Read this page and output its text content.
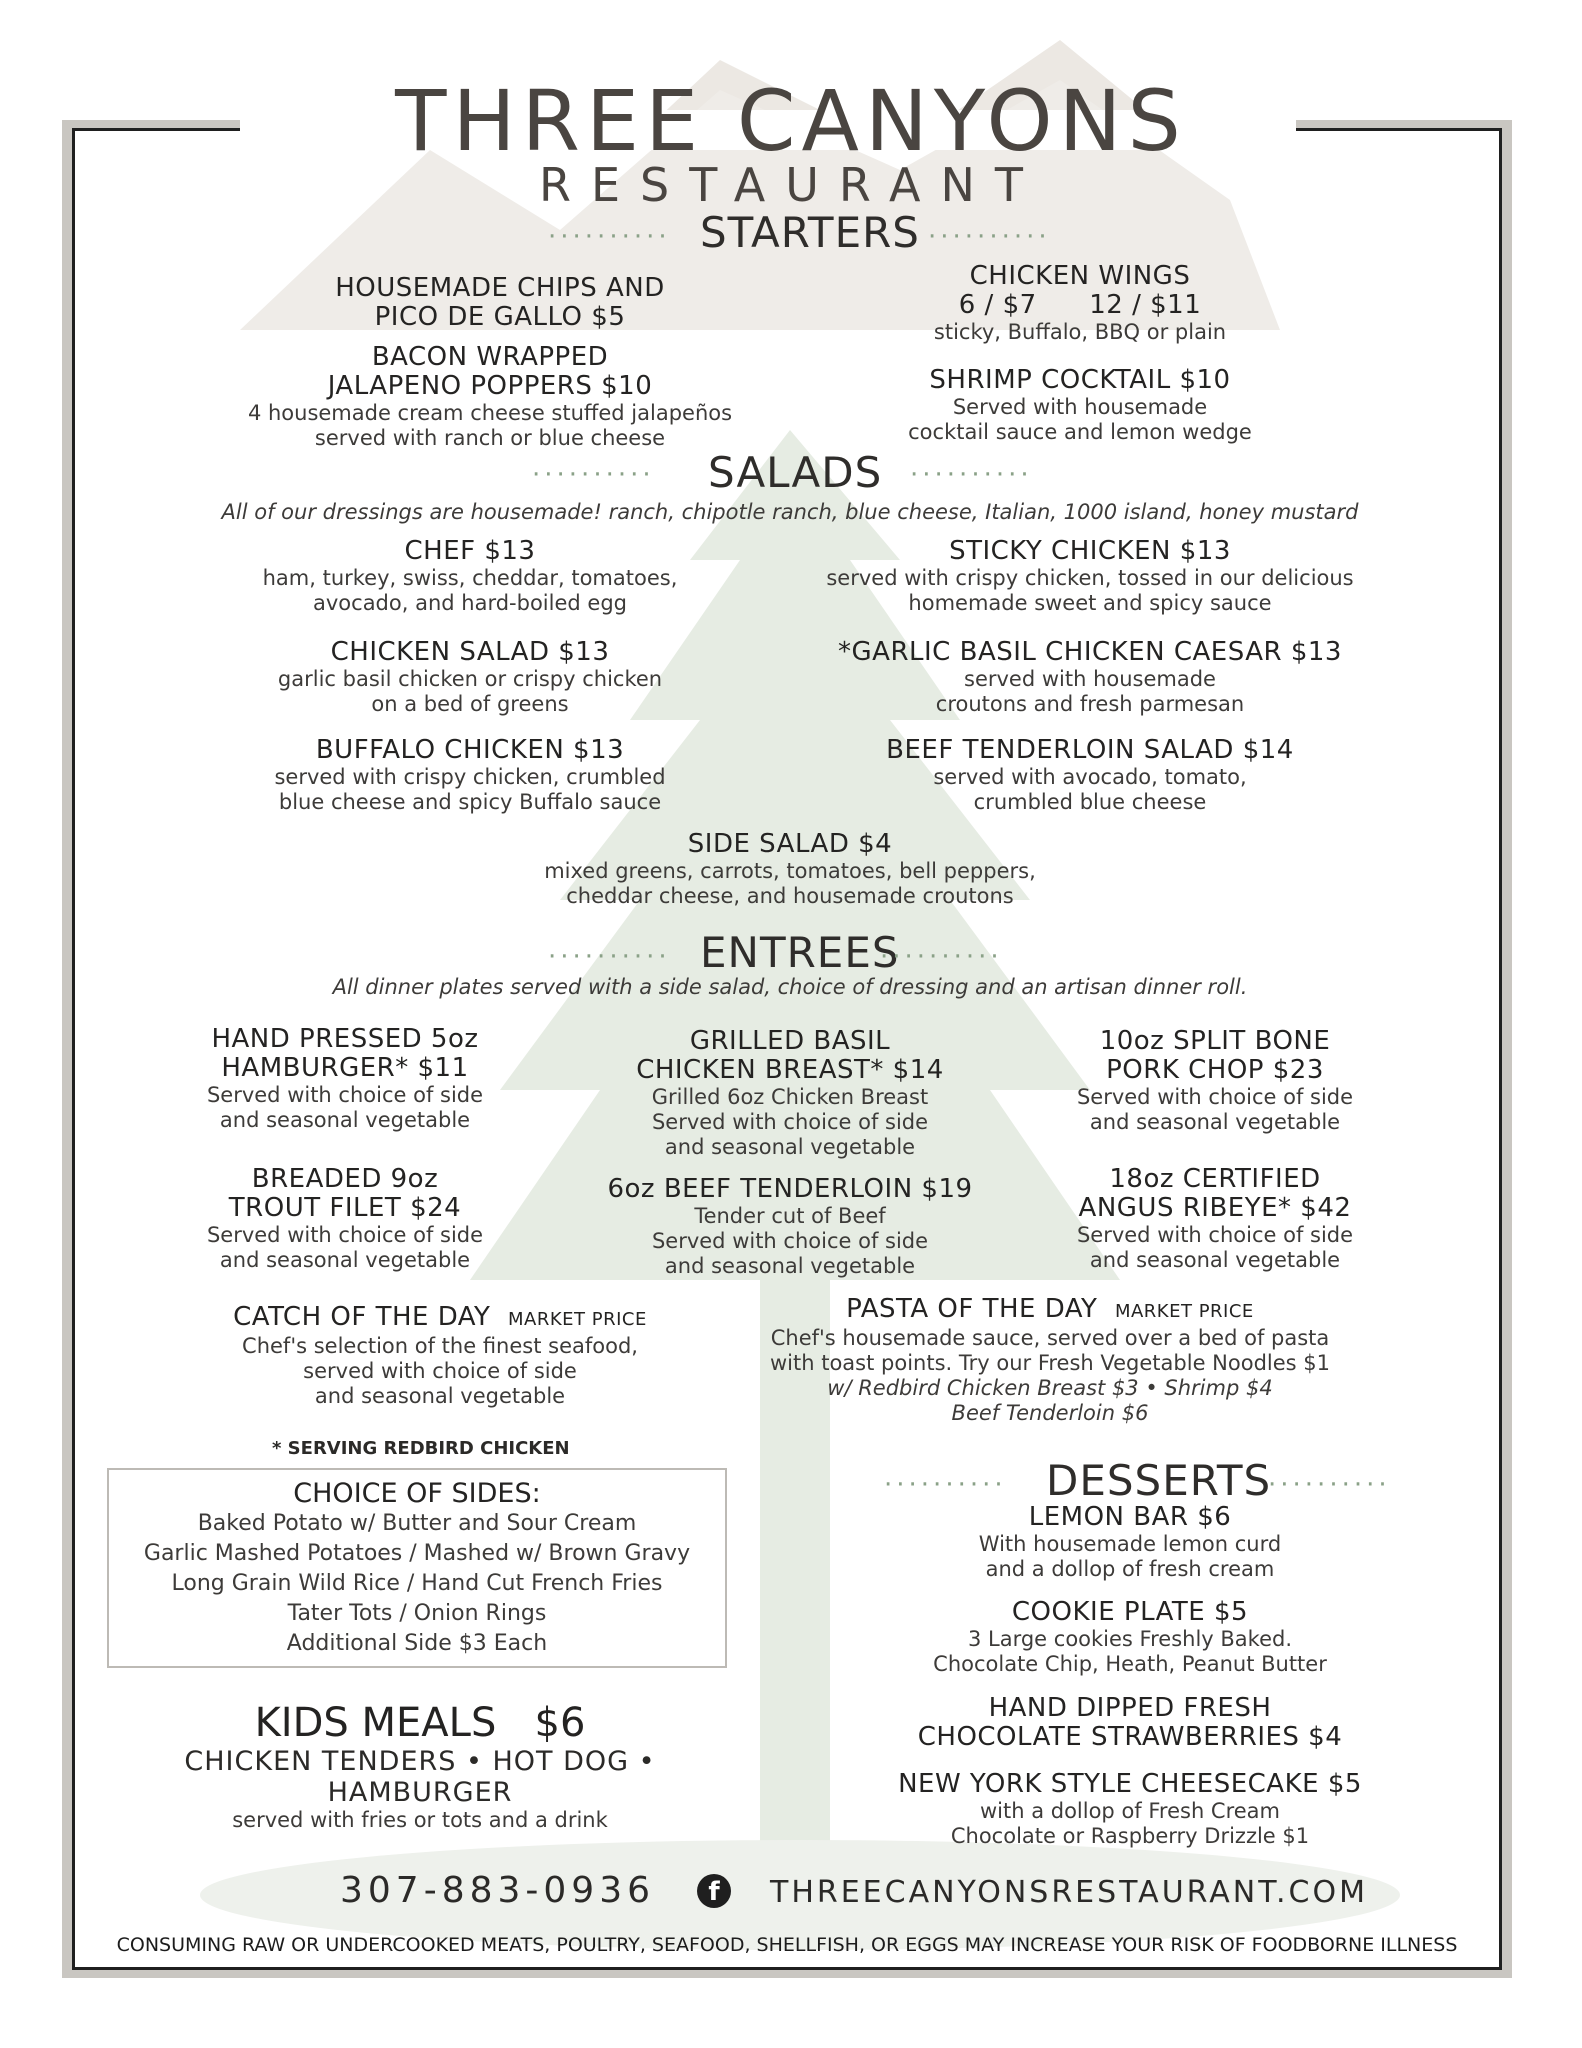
THREE CANYONS
RESTAURANT
·········· STARTERS ··········
HOUSEMADE CHIPS AND
PICO DE GALLO $5
BACON WRAPPED
JALAPENO POPPERS $10
4 housemade cream cheese stuffed jalapeños
served with ranch or blue cheese
CHICKEN WINGS
6 / $7      12 / $11
sticky, Buffalo, BBQ or plain
SHRIMP COCKTAIL $10
Served with housemade
cocktail sauce and lemon wedge
·········· SALADS ··········
All of our dressings are housemade! ranch, chipotle ranch, blue cheese, Italian, 1000 island, honey mustard
CHEF $13
ham, turkey, swiss, cheddar, tomatoes,
avocado, and hard-boiled egg
STICKY CHICKEN $13
served with crispy chicken, tossed in our delicious
homemade sweet and spicy sauce
CHICKEN SALAD $13
garlic basil chicken or crispy chicken
on a bed of greens
*GARLIC BASIL CHICKEN CAESAR $13
served with housemade
croutons and fresh parmesan
BUFFALO CHICKEN $13
served with crispy chicken, crumbled
blue cheese and spicy Buffalo sauce
BEEF TENDERLOIN SALAD $14
served with avocado, tomato,
crumbled blue cheese
SIDE SALAD $4
mixed greens, carrots, tomatoes, bell peppers,
cheddar cheese, and housemade croutons
·········· ENTREES
··········
All dinner plates served with a side salad, choice of dressing and an artisan dinner roll.
HAND PRESSED 5oz
HAMBURGER* $11
Served with choice of side
and seasonal vegetable
GRILLED BASIL
CHICKEN BREAST* $14
Grilled 6oz Chicken Breast
Served with choice of side
and seasonal vegetable
10oz SPLIT BONE
PORK CHOP $23
Served with choice of side
and seasonal vegetable
BREADED 9oz
TROUT FILET $24
Served with choice of side
and seasonal vegetable
6oz BEEF TENDERLOIN $19
Tender cut of Beef
Served with choice of side
and seasonal vegetable
18oz CERTIFIED
ANGUS RIBEYE* $42
Served with choice of side
and seasonal vegetable
CATCH OF THE DAY MARKET PRICE
Chef's selection of the finest seafood,
served with choice of side
and seasonal vegetable
PASTA OF THE DAY MARKET PRICE
Chef's housemade sauce, served over a bed of pasta
with toast points. Try our Fresh Vegetable Noodles $1
w/ Redbird Chicken Breast $3 • Shrimp $4
Beef Tenderloin $6
* SERVING REDBIRD CHICKEN
CHOICE OF SIDES:
Baked Potato w/ Butter and Sour Cream
Garlic Mashed Potatoes / Mashed w/ Brown Gravy
Long Grain Wild Rice / Hand Cut French Fries
Tater Tots / Onion Rings
Additional Side $3 Each
KIDS MEALS $6
CHICKEN TENDERS • HOT DOG • HAMBURGER
served with fries or tots and a drink
·········· DESSERTS
··········
LEMON BAR $6
With housemade lemon curd
and a dollop of fresh cream
COOKIE PLATE $5
3 Large cookies Freshly Baked.
Chocolate Chip, Heath, Peanut Butter
HAND DIPPED FRESH
CHOCOLATE STRAWBERRIES $4
NEW YORK STYLE CHEESECAKE $5
with a dollop of Fresh Cream
Chocolate or Raspberry Drizzle $1
307-883-0936	f	THREECANYONSRESTAURANT.COM
CONSUMING RAW OR UNDERCOOKED MEATS, POULTRY, SEAFOOD, SHELLFISH, OR EGGS MAY INCREASE YOUR RISK OF FOODBORNE ILLNESS
